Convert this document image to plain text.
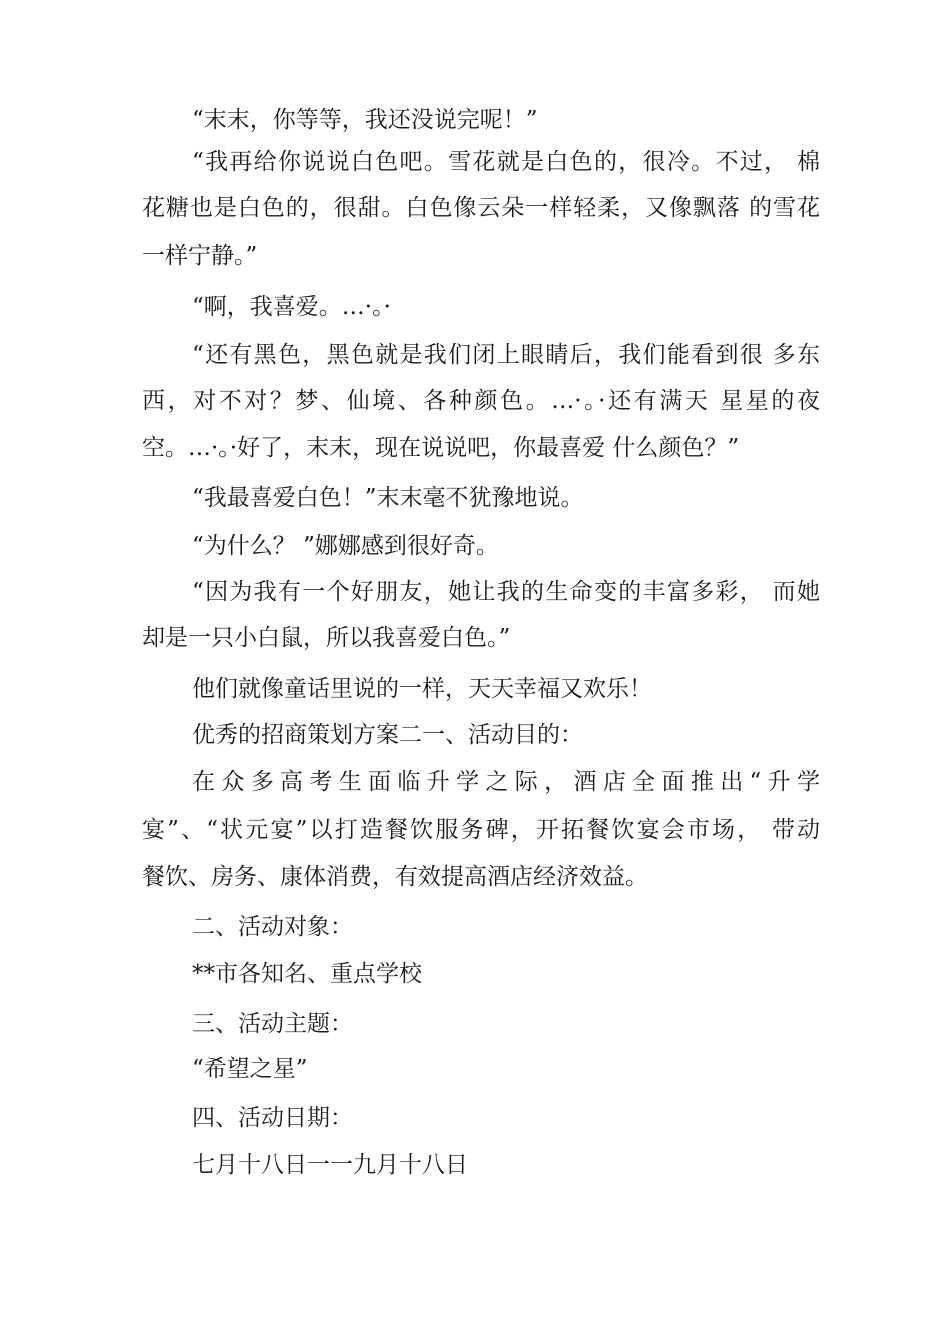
“末末，你等等，我还没说完呢！”
“我再给你说说白色吧。雪花就是白色的，很冷。不过， 棉
花糖也是白色的，很甜。白色像云朵一样轻柔，又像飘落 的雪花
一样宁静。”
“啊，我喜爱。…·。·
“还有黑色，黑色就是我们闭上眼睛后，我们能看到很 多东
西，对不对？梦、仙境、各种颜色。…·。·还有满天 星星的夜
空。…·。·好了，末末，现在说说吧，你最喜爱 什么颜色？”
“我最喜爱白色！”末末毫不犹豫地说。
“为什么？ ”娜娜感到很好奇。
“因为我有一个好朋友，她让我的生命变的丰富多彩， 而她
却是一只小白鼠，所以我喜爱白色。”
他们就像童话里说的一样，天天幸福又欢乐！
优秀的招商策划方案二一、活动目的：
在众多高考生面临升学之际，酒店全面推出“升学
宴”、“状元宴”以打造餐饮服务碑，开拓餐饮宴会市场， 带动
餐饮、房务、康体消费，有效提高酒店经济效益。
二、活动对象：
**市各知名、重点学校
三、活动主题：
“希望之星”
四、活动日期：
七月十八日一一九月十八日
